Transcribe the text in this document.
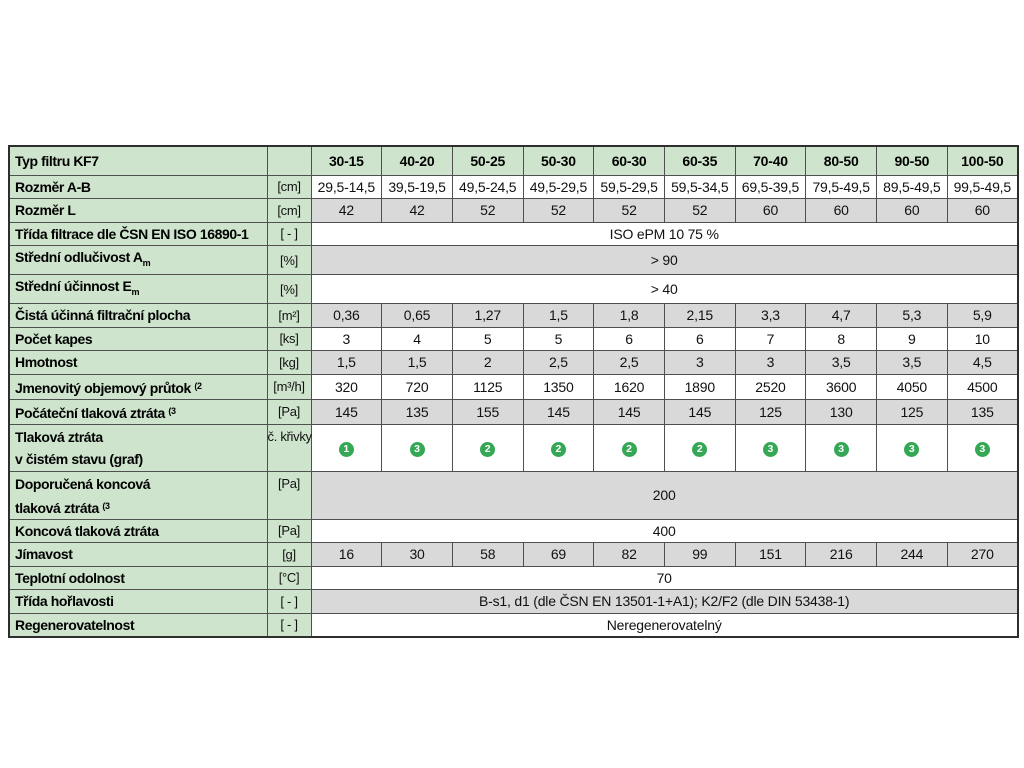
Typ filtru KF7		30-15	40-20	50-25	50-30	60-30	60-35	70-40	80-50	90-50	100-50

Rozměr A-B	[cm]	29,5-14,5	39,5-19,5	49,5-24,5	49,5-29,5	59,5-29,5	59,5-34,5	69,5-39,5	79,5-49,5	89,5-49,5	99,5-49,5

Rozměr L	[cm]	42	42	52	52	52	52	60	60	60	60

Třída filtrace dle ČSN EN ISO 16890-1	[ - ]	ISO ePM 10 75 %									

Střední odlučivost $A_m$	[%]	> 90									

Střední účinnost $E_m$	[%]	> 40									

Čistá účinná filtrační plocha	[m²]	0,36	0,65	1,27	1,5	1,8	2,15	3,3	4,7	5,3	5,9

Počet kapes	[ks]	3	4	5	5	6	6	7	8	9	10

Hmotnost	[kg]	1,5	1,5	2	2,5	2,5	3	3	3,5	3,5	4,5

Jmenovitý objemový průtok $^{(2}$	[m³/h]	320	720	1125	1350	1620	1890	2520	3600	4050	4500

Počáteční tlaková ztráta $^{(3}$	[Pa]	145	135	155	145	145	145	125	130	125	135

Tlaková ztráta
v čistém stavu (graf)	č. křivky	1	3	2	2	2	2	3	3	3	3

Doporučená koncová
tlaková ztráta $^{(3}$	[Pa]	200									

Koncová tlaková ztráta	[Pa]	400									

Jímavost	[g]	16	30	58	69	82	99	151	216	244	270

Teplotní odolnost	[°C]	70									

Třída hořlavosti	[ - ]	B-s1, d1 (dle ČSN EN 13501-1+A1); K2/F2 (dle DIN 53438-1)									

Regenerovatelnost	[ - ]	Neregenerovatelný									
